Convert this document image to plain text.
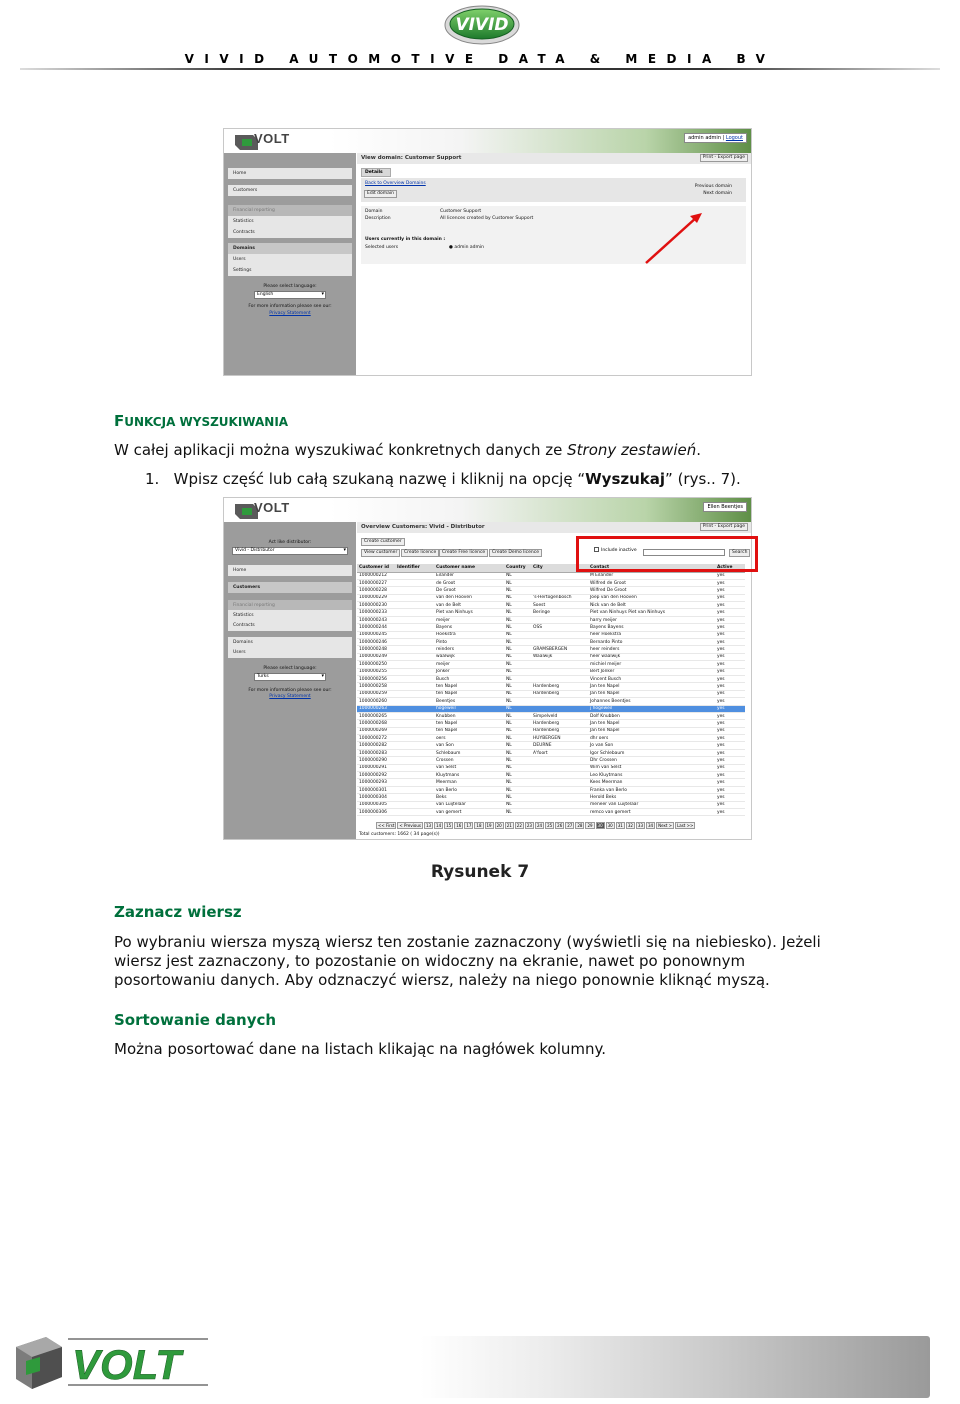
VIVID
VIVID AUTOMOTIVE DATA & MEDIA BV
VOLT	admin admin | Logout
Home
Customers
Financial reporting
Statistics
Contracts
Domains
Users
Settings
Please select language:
English ▾
For more information please see our:
Privacy Statement
View domain: Customer Support	Print - Export page
Details
Back to Overview Domains
Edit domain
Previous domain
Next domain
Domain	Customer Support
Description	All licences created by Customer Support
Users currently in this domain :
Selected users	● admin admin
FUNKCJA WYSZUKIWANIA
W całej aplikacji można wyszukiwać konkretnych danych ze Strony zestawień.
1. Wpisz część lub całą szukaną nazwę i kliknij na opcję “Wyszukaj” (rys.. 7).
VOLT	Ellen Beentjes
Act like distributor:
Vivid - Distributor ▾
Home
Customers
Financial reporting
Statistics
Contracts
Domains
Users
Please select language:
Turks ▾
For more information please see our:
Privacy Statement
Overview Customers: Vivid - Distributor	Print - Export page
Create customer
View customer	Create licence	Create Free licence	Create Demo licence	Include inactive	Search
Customer id	Identifier	Customer name	Country	City	Contact		Active
1000000212		Eilander	NL		M Eilander		yes
1000000227		de Groot	NL		Wilfred de Groot		yes
1000000228		De Groot	NL		Wilfred De Groot		yes
1000000229		van den Hooven	NL	's-Hertogenbosch	Joep van den Hooven		yes
1000000230		van de Belt	NL	Soest	Nick van de Belt		yes
1000000233		Piet van Ninhuys	NL	Beringe	Piet van Ninhuys Piet van Ninhuys		yes
1000000243		meijer	NL		harry meijer		yes
1000000244		Bayens	NL	OSS	Bayens Bayens		yes
1000000245		Hoekstra	NL		heer Hoekstra		yes
1000000246		Pinto	NL		Bernardo Pinto		yes
1000000248		reinders	NL	GRAMSBERGEN	heer reinders		yes
1000000249		waalwijk	NL	Waalwijk	heer waalwijk		yes
1000000250		meijer	NL		michiel meijer		yes
1000000255		Jonker	NL		Bert Jonker		yes
1000000256		Busch	NL		Vincent Busch		yes
1000000258		ten Napel	NL	Hardenberg	Jan ten Napel		yes
1000000259		ten Napel	NL	Hardenberg	Jan ten Napel		yes
1000000260		Beentjes	NL		Johannes Beentjes		yes
1000000263		hogeweil	NL		j hogeweil		yes
1000000265		Knubben	NL	Simpelveld	Dolf Knubben		yes
1000000268		ten Napel	NL	Hardenberg	Jan ten Napel		yes
1000000269		ten Napel	NL	Hardenberg	Jan ten Napel		yes
1000000272		oers	NL	HUYBERGEN	dhr oers		yes
1000000282		van Son	NL	DEURNE	Jo van Son		yes
1000000283		Schlebaum	NL	A'foort	Igor Schlebaum		yes
1000000290		Crossen	NL		Dhr Crossen		yes
1000000291		van Selst	NL		Wim van Selst		yes
1000000292		Kluytmans	NL		Leo Kluytmans		yes
1000000293		Meerman	NL		Kees Meerman		yes
1000000301		van Berlo	NL		Franka van Berlo		yes
1000000304		Beks	NL		Herold Beks		yes
1000000305		van Luijtelaar	NL		meneer van Luijtelaar		yes
1000000306		van gemert	NL		remco van gemert		yes
<< First < Previous 13 14 15 16 17 18 19 20 21 22 23 24 25 26 27 28 29 30 30 31 32 33 34 Next > Last >>
Total customers: 1662 ( 34 page(s))
Rysunek 7
Zaznacz wiersz
Po wybraniu wiersza myszą wiersz ten zostanie zaznaczony (wyświetli się na niebiesko). Jeżeli
wiersz jest zaznaczony, to pozostanie on widoczny na ekranie, nawet po ponownym
posortowaniu danych. Aby odznaczyć wiersz, należy na niego ponownie kliknąć myszą.
Sortowanie danych
Można posortować dane na listach klikając na nagłówek kolumny.
VOLT
